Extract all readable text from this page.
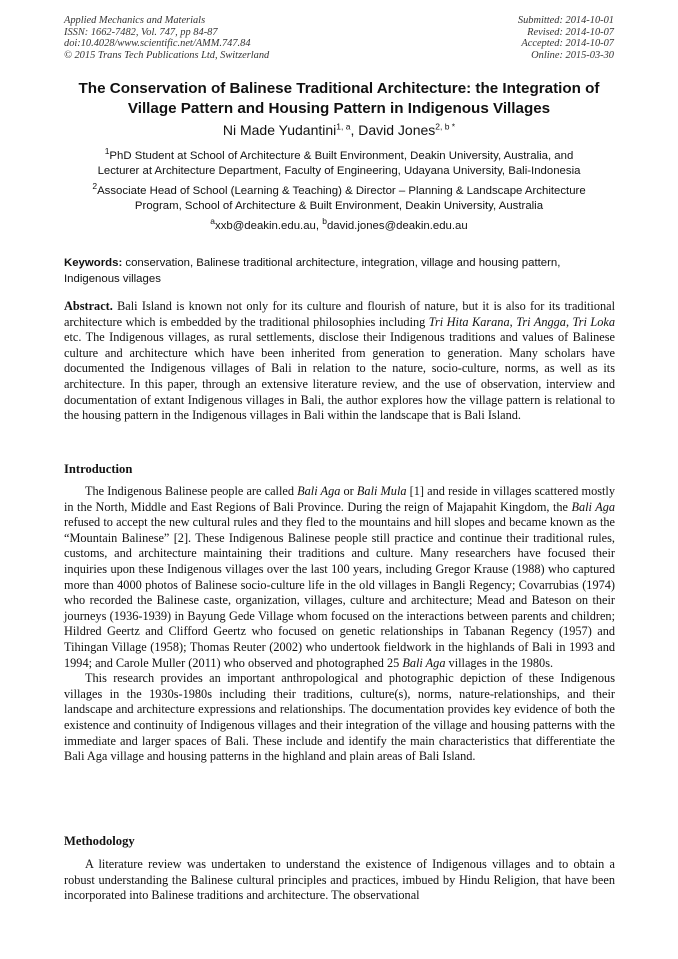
Applied Mechanics and Materials
ISSN: 1662-7482, Vol. 747, pp 84-87
doi:10.4028/www.scientific.net/AMM.747.84
© 2015 Trans Tech Publications Ltd, Switzerland
Submitted: 2014-10-01
Revised: 2014-10-07
Accepted: 2014-10-07
Online: 2015-03-30
The Conservation of Balinese Traditional Architecture: the Integration of
Village Pattern and Housing Pattern in Indigenous Villages
Ni Made Yudantini$^{1, a}$, David Jones$^{2, b *}$
$^1$PhD Student at School of Architecture & Built Environment, Deakin University, Australia, and
Lecturer at Architecture Department, Faculty of Engineering, Udayana University, Bali-Indonesia
$^2$Associate Head of School (Learning & Teaching) & Director – Planning & Landscape Architecture
Program, School of Architecture & Built Environment, Deakin University, Australia
$^a$xxb@deakin.edu.au, $^b$david.jones@deakin.edu.au
Keywords: conservation, Balinese traditional architecture, integration, village and housing pattern, Indigenous villages

Abstract. Bali Island is known not only for its culture and flourish of nature, but it is also for its traditional architecture which is embedded by the traditional philosophies including Tri Hita Karana, Tri Angga, Tri Loka etc. The Indigenous villages, as rural settlements, disclose their Indigenous traditions and values of Balinese culture and architecture which have been inherited from generation to generation. Many scholars have documented the Indigenous villages of Bali in relation to the nature, socio-culture, norms, as well as its architecture. In this paper, through an extensive literature review, and the use of observation, interview and documentation of extant Indigenous villages in Bali, the author explores how the village pattern is relational to the housing pattern in the Indigenous villages in Bali within the landscape that is Bali Island.

Introduction

The Indigenous Balinese people are called Bali Aga or Bali Mula [1] and reside in villages scattered mostly in the North, Middle and East Regions of Bali Province. During the reign of Majapahit Kingdom, the Bali Aga refused to accept the new cultural rules and they fled to the mountains and hill slopes and became known as the “Mountain Balinese” [2]. These Indigenous Balinese people still practice and continue their traditional rules, customs, and architecture maintaining their traditions and culture. Many researchers have focused their inquiries upon these Indigenous villages over the last 100 years, including Gregor Krause (1988) who captured more than 4000 photos of Balinese socio-culture life in the old villages in Bangli Regency; Covarrubias (1974) who recorded the Balinese caste, organization, villages, culture and architecture; Mead and Bateson on their journeys (1936-1939) in Bayung Gede Village whom focused on the interactions between parents and children; Hildred Geertz and Clifford Geertz who focused on genetic relationships in Tabanan Regency (1957) and Tihingan Village (1958); Thomas Reuter (2002) who undertook fieldwork in the highlands of Bali in 1993 and 1994; and Carole Muller (2011) who observed and photographed 25 Bali Aga villages in the 1980s.

This research provides an important anthropological and photographic depiction of these Indigenous villages in the 1930s-1980s including their traditions, culture(s), norms, nature-relationships, and their landscape and architecture expressions and relationships. The documentation provides key evidence of both the existence and continuity of Indigenous villages and their integration of the village and housing patterns with the immediate and larger spaces of Bali. These include and identify the main characteristics that differentiate the Bali Aga village and housing patterns in the highland and plain areas of Bali Island.

Methodology

A literature review was undertaken to understand the existence of Indigenous villages and to obtain a robust understanding the Balinese cultural principles and practices, imbued by Hindu Religion, that have been incorporated into Balinese traditions and architecture. The observational
